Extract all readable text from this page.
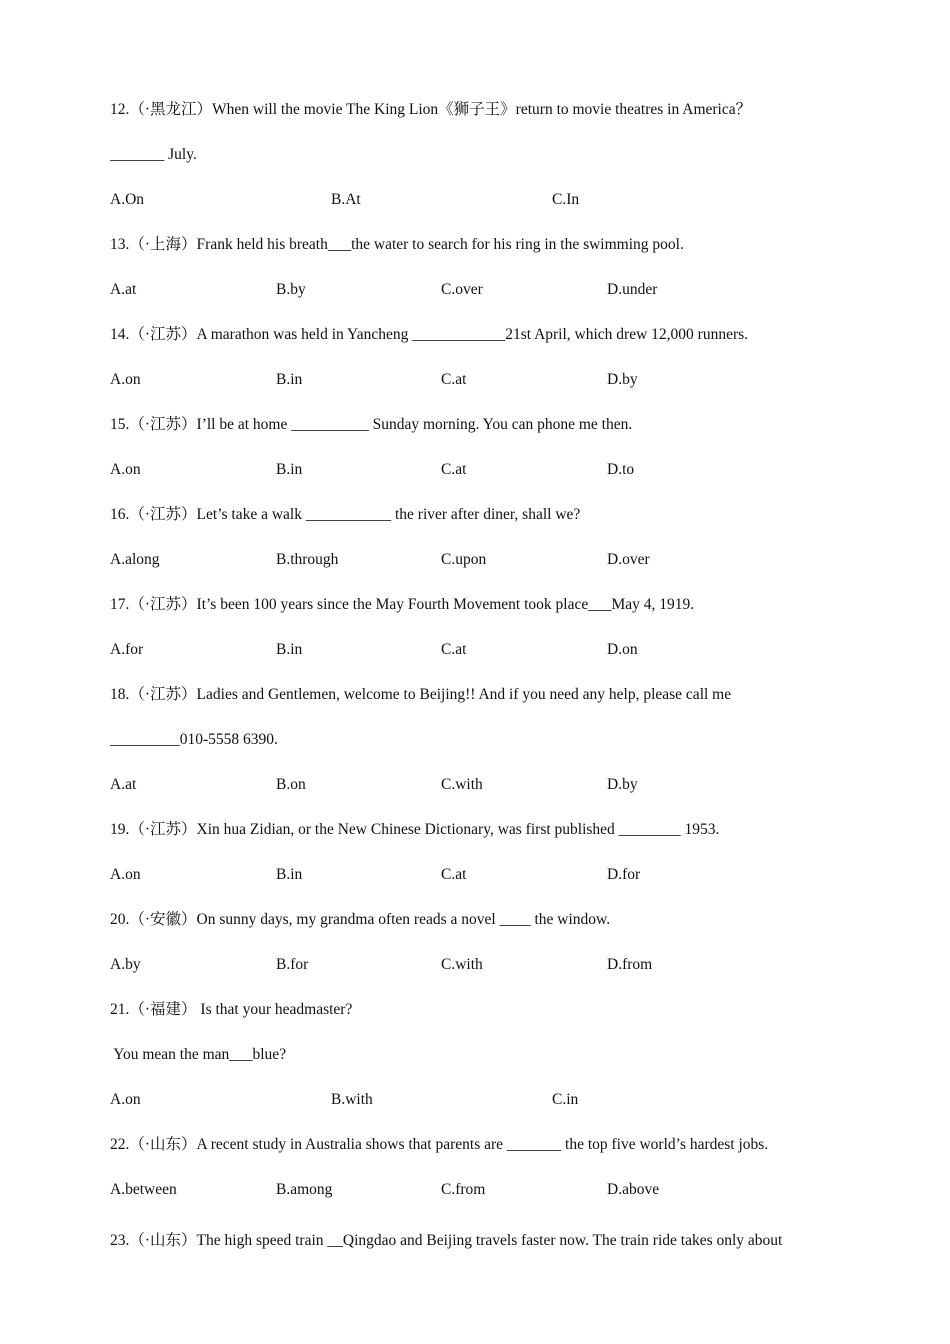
12.（·黑龙江）When will the movie The King Lion《狮子王》return to movie theatres in America？
_______ July.
A.On	B.At	C.In
13.（·上海）Frank held his breath___the water to search for his ring in the swimming pool.
A.at	B.by	C.over	D.under
14.（·江苏）A marathon was held in Yancheng ____________21st April, which drew 12,000 runners.
A.on	B.in	C.at	D.by
15.（·江苏）I’ll be at home __________ Sunday morning. You can phone me then.
A.on	B.in	C.at	D.to
16.（·江苏）Let’s take a walk ___________ the river after diner, shall we?
A.along	B.through	C.upon	D.over
17.（·江苏）It’s been 100 years since the May Fourth Movement took place___May 4, 1919.
A.for	B.in	C.at	D.on
18.（·江苏）Ladies and Gentlemen, welcome to Beijing!! And if you need any help, please call me
_________010-5558 6390.
A.at	B.on	C.with	D.by
19.（·江苏）Xin hua Zidian, or the New Chinese Dictionary, was first published ________ 1953.
A.on	B.in	C.at	D.for
20.（·安徽）On sunny days, my grandma often reads a novel ____ the window.
A.by	B.for	C.with	D.from
21.（·福建） Is that your headmaster?
You mean the man___blue?
A.on	B.with	C.in
22.（·山东）A recent study in Australia shows that parents are _______ the top five world’s hardest jobs.
A.between	B.among	C.from	D.above
23.（·山东）The high speed train __Qingdao and Beijing travels faster now. The train ride takes only about
